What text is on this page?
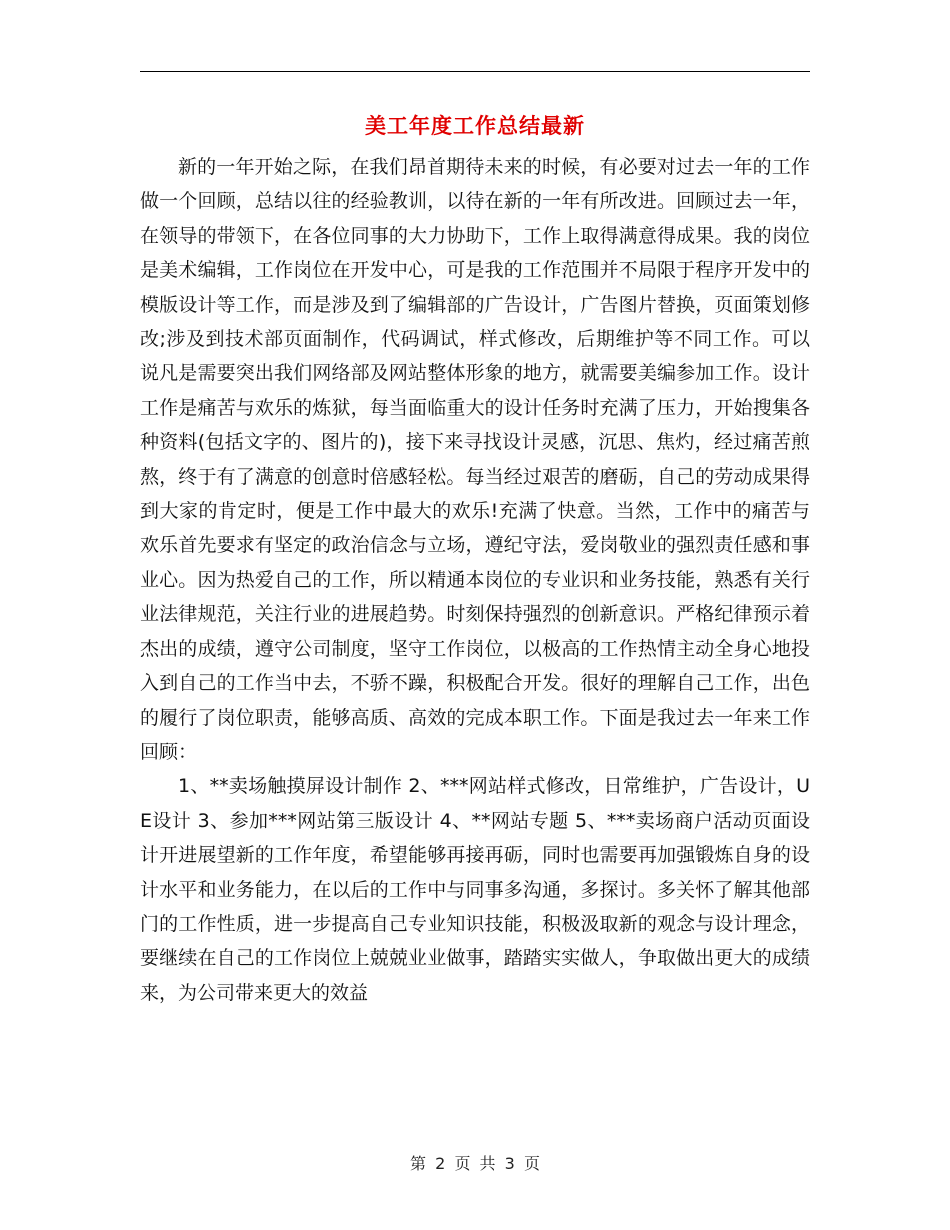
美工年度工作总结最新

新的一年开始之际，在我们昂首期待未来的时候，有必要对过去一年的工作做一个回顾，总结以往的经验教训，以待在新的一年有所改进。回顾过去一年，在领导的带领下，在各位同事的大力协助下，工作上取得满意得成果。我的岗位是美术编辑，工作岗位在开发中心，可是我的工作范围并不局限于程序开发中的模版设计等工作，而是涉及到了编辑部的广告设计，广告图片替换，页面策划修改;涉及到技术部页面制作，代码调试，样式修改，后期维护等不同工作。可以说凡是需要突出我们网络部及网站整体形象的地方，就需要美编参加工作。设计工作是痛苦与欢乐的炼狱，每当面临重大的设计任务时充满了压力，开始搜集各种资料(包括文字的、图片的)，接下来寻找设计灵感，沉思、焦灼，经过痛苦煎熬，终于有了满意的创意时倍感轻松。每当经过艰苦的磨砺，自己的劳动成果得到大家的肯定时，便是工作中最大的欢乐!充满了快意。当然，工作中的痛苦与欢乐首先要求有坚定的政治信念与立场，遵纪守法，爱岗敬业的强烈责任感和事业心。因为热爱自己的工作，所以精通本岗位的专业识和业务技能，熟悉有关行业法律规范，关注行业的进展趋势。时刻保持强烈的创新意识。严格纪律预示着杰出的成绩，遵守公司制度，坚守工作岗位，以极高的工作热情主动全身心地投入到自己的工作当中去，不骄不躁，积极配合开发。很好的理解自己工作，出色的履行了岗位职责，能够高质、高效的完成本职工作。下面是我过去一年来工作回顾：

1、**卖场触摸屏设计制作 2、***网站样式修改，日常维护，广告设计，UE设计 3、参加***网站第三版设计 4、**网站专题 5、***卖场商户活动页面设计开进展望新的工作年度，希望能够再接再砺，同时也需要再加强锻炼自身的设计水平和业务能力，在以后的工作中与同事多沟通，多探讨。多关怀了解其他部门的工作性质，进一步提高自己专业知识技能，积极汲取新的观念与设计理念，要继续在自己的工作岗位上兢兢业业做事，踏踏实实做人，争取做出更大的成绩来，为公司带来更大的效益

第 2 页 共 3 页
